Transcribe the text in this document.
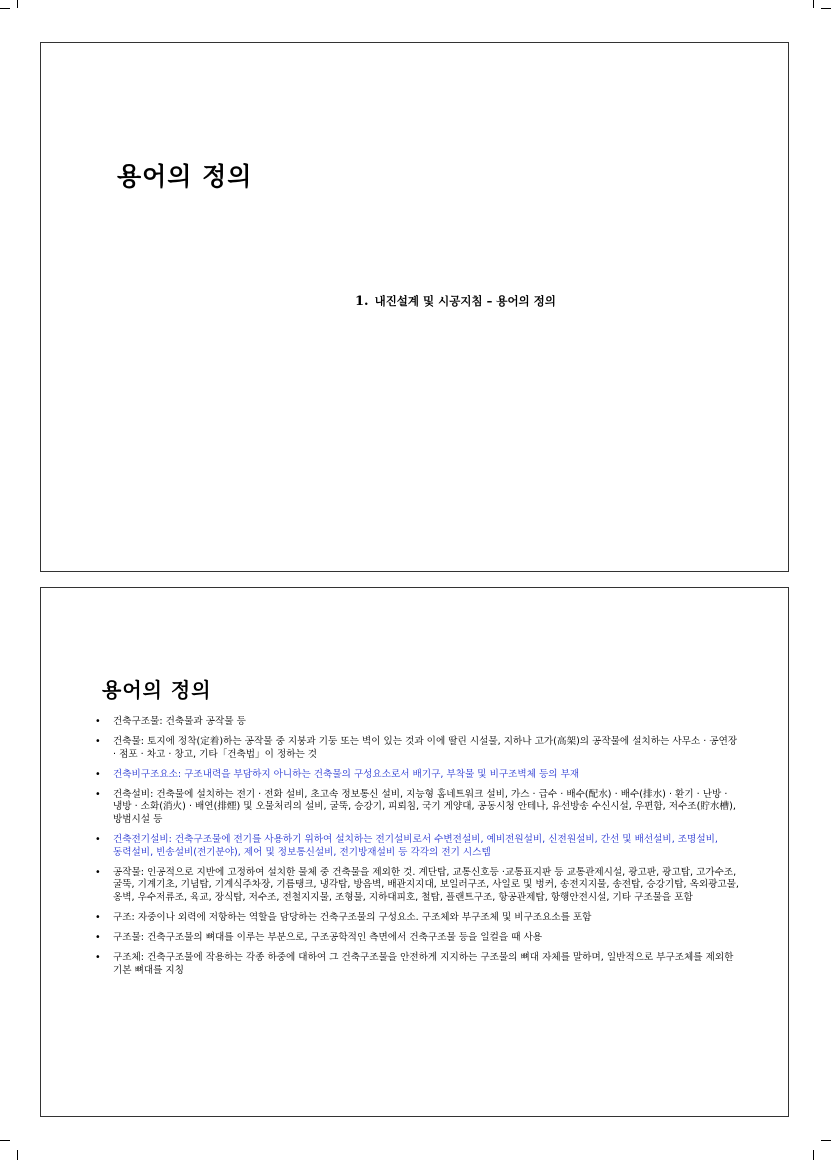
용어의 정의
1. 내진설계 및 시공지침 – 용어의 정의
용어의 정의
• 건축구조물: 건축물과 공작물 등
• 건축물: 토지에 정착(定着)하는 공작물 중 지붕과 기둥 또는 벽이 있는 것과 이에 딸린 시설물, 지하나 고가(高架)의 공작물에 설치하는 사무소 · 공연장 · 점포 · 차고 · 창고, 기타「건축법」이 정하는 것
• 건축비구조요소: 구조내력을 부담하지 아니하는 건축물의 구성요소로서 배기구, 부착물 및 비구조벽체 등의 부재
• 건축설비: 건축물에 설치하는 전기 · 전화 설비, 초고속 정보통신 설비, 지능형 홈네트워크 설비, 가스 · 급수 · 배수(配水) · 배수(排水) · 환기 · 난방 · 냉방 · 소화(消火) · 배연(排煙) 및 오물처리의 설비, 굴뚝, 승강기, 피뢰침, 국기 게양대, 공동시청 안테나, 유선방송 수신시설, 우편함, 저수조(貯水槽), 방범시설 등
• 건축전기설비: 건축구조물에 전기를 사용하기 위하여 설치하는 전기설비로서 수변전설비, 예비전원설비, 신전원설비, 간선 및 배선설비, 조명설비, 동력설비, 빈송설비(전기분야), 제어 및 정보통신설비, 전기방재설비 등 각각의 전기 시스템
• 공작물: 인공적으로 지반에 고정하여 설치한 물체 중 건축물을 제외한 것. 계단탑, 교통신호등 ·교통표지판 등 교통관제시설, 광고판, 광고탑, 고가수조, 굴뚝, 기계기초, 기념탑, 기계식주차장, 기름탱크, 냉각탑, 방음벽, 배관지지대, 보일러구조, 사일로 및 벙커, 송전지지물, 송전탑, 승강기탑, 옥외광고물, 옹벽, 우수저류조, 육교, 장식탑, 저수조, 전철지지물, 조형물, 지하대피호, 철탑, 플랜트구조, 항공관제탑, 항행안전시설, 기타 구조물을 포함
• 구조: 자중이나 외력에 저항하는 역할을 담당하는 건축구조물의 구성요소. 구조체와 부구조체 및 비구조요소를 포함
• 구조물: 건축구조물의 뼈대를 이루는 부분으로, 구조공학적인 측면에서 건축구조물 등을 일컬을 때 사용
• 구조체: 건축구조물에 작용하는 각종 하중에 대하여 그 건축구조물을 안전하게 지지하는 구조물의 뼈대 자체를 말하며, 일반적으로 부구조체를 제외한 기본 뼈대를 지칭
